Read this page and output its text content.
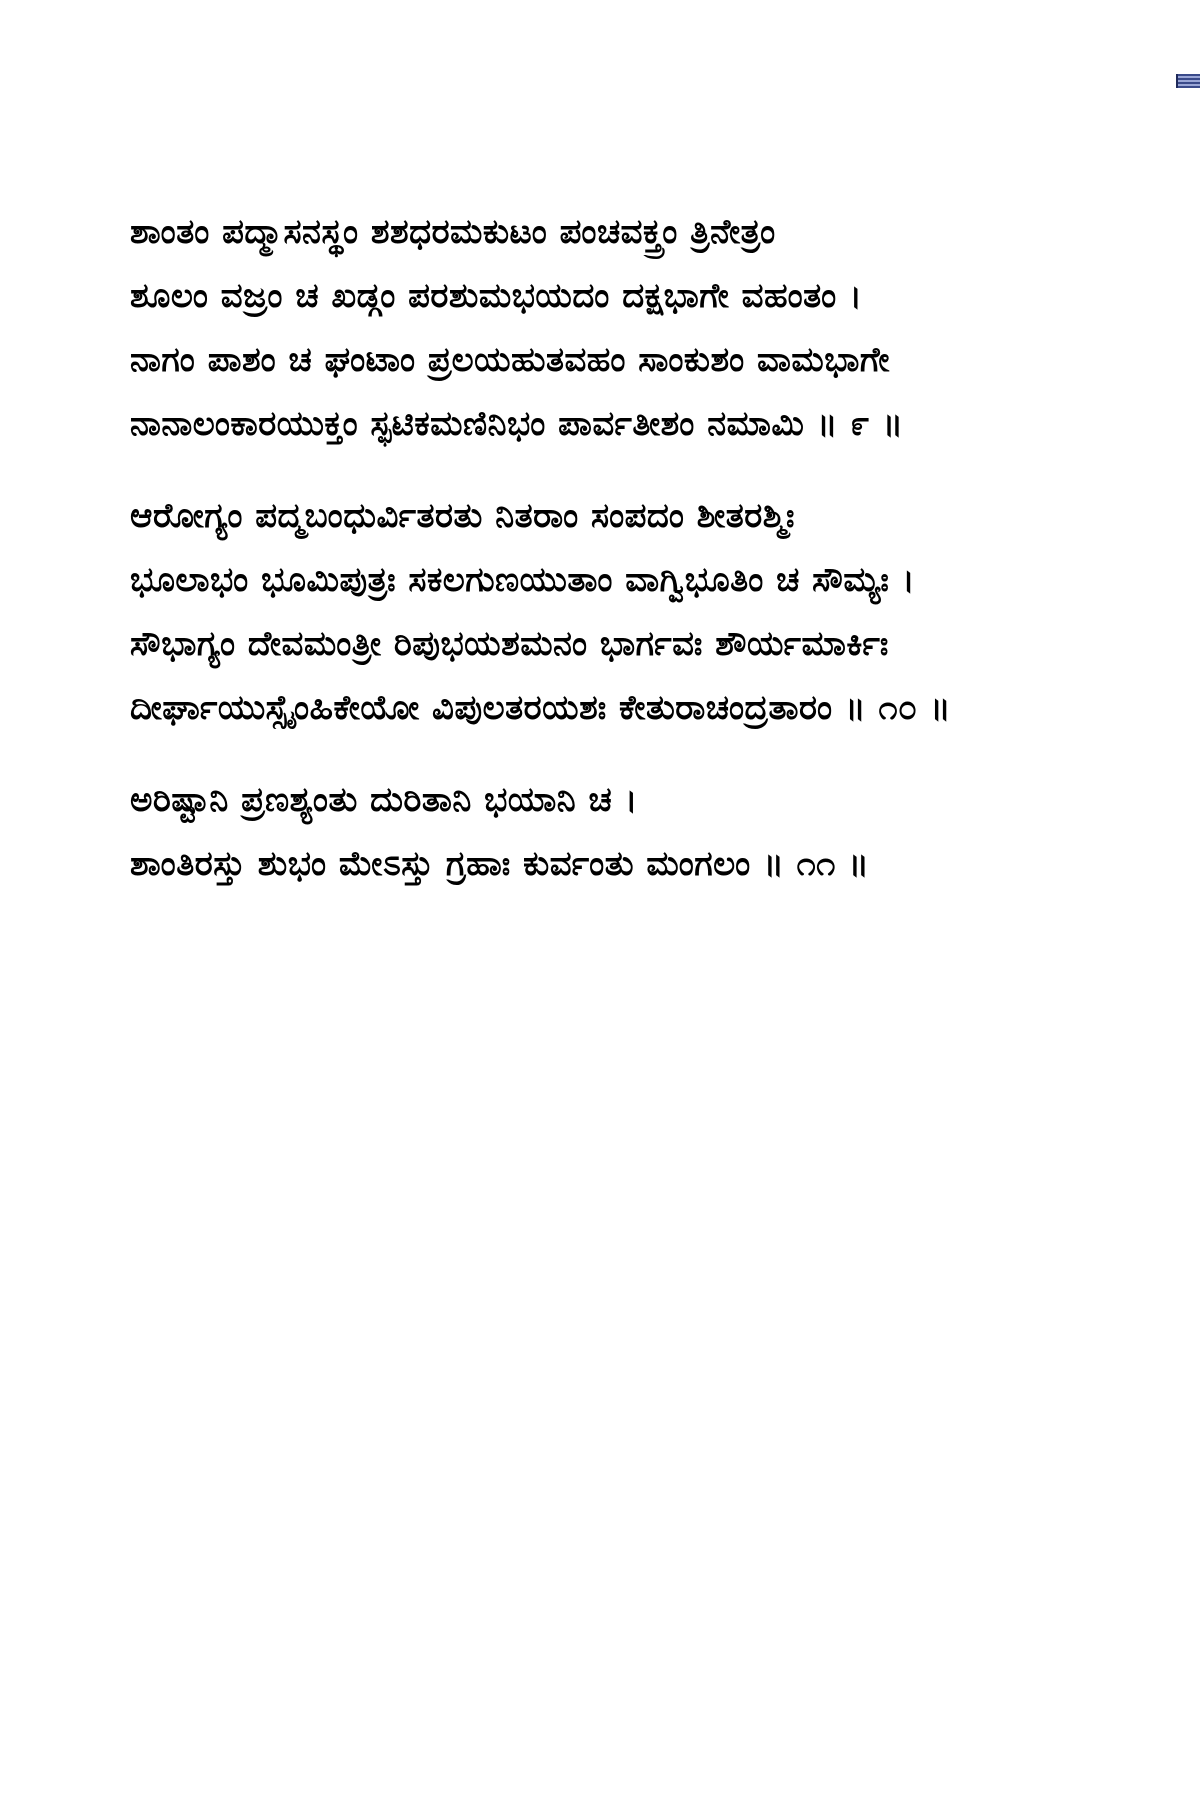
ಶಾಂತಂ ಪದ್ಮಾಸನಸ್ಥಂ ಶಶಧರಮಕುಟಂ ಪಂಚವಕ್ತ್ರಂ ತ್ರಿನೇತ್ರಂ
ಶೂಲಂ ವಜ್ರಂ ಚ ಖಡ್ಗಂ ಪರಶುಮಭಯದಂ ದಕ್ಷಭಾಗೇ ವಹಂತಂ ।
ನಾಗಂ ಪಾಶಂ ಚ ಘಂಟಾಂ ಪ್ರಲಯಹುತವಹಂ ಸಾಂಕುಶಂ ವಾಮಭಾಗೇ
ನಾನಾಲಂಕಾರಯುಕ್ತಂ ಸ್ಫಟಿಕಮಣಿನಿಭಂ ಪಾರ್ವತೀಶಂ ನಮಾಮಿ ॥ ೯ ॥
ಆರೋಗ್ಯಂ ಪದ್ಮಬಂಧುರ್ವಿತರತು ನಿತರಾಂ ಸಂಪದಂ ಶೀತರಶ್ಮಿಃ
ಭೂಲಾಭಂ ಭೂಮಿಪುತ್ರಃ ಸಕಲಗುಣಯುತಾಂ ವಾಗ್ವಿಭೂತಿಂ ಚ ಸೌಮ್ಯಃ ।
ಸೌಭಾಗ್ಯಂ ದೇವಮಂತ್ರೀ ರಿಪುಭಯಶಮನಂ ಭಾರ್ಗವಃ ಶೌರ್ಯಮಾರ್ಕಿಃ
ದೀರ್ಘಾಯುಸ್ಸೈಂಹಿಕೇಯೋ ವಿಪುಲತರಯಶಃ ಕೇತುರಾಚಂದ್ರತಾರಂ ॥ ೧೦ ॥
ಅರಿಷ್ಟಾನಿ ಪ್ರಣಶ್ಯಂತು ದುರಿತಾನಿ ಭಯಾನಿ ಚ ।
ಶಾಂತಿರಸ್ತು ಶುಭಂ ಮೇಽಸ್ತು ಗ್ರಹಾಃ ಕುರ್ವಂತು ಮಂಗಲಂ ॥ ೧೧ ॥
